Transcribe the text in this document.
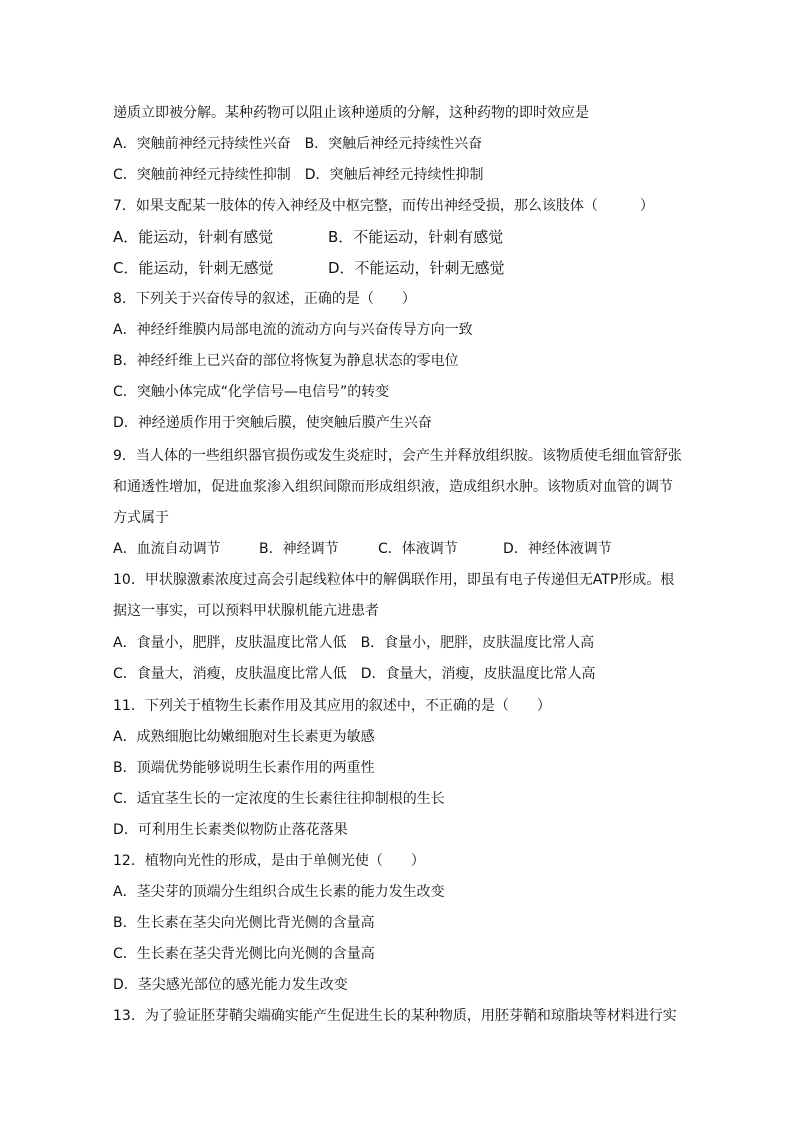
递质立即被分解。某种药物可以阻止该种递质的分解，这种药物的即时效应是
A．突触前神经元持续性兴奋　B．突触后神经元持续性兴奋
C．突触前神经元持续性抑制　D．突触后神经元持续性抑制
7．如果支配某一肢体的传入神经及中枢完整，而传出神经受损，那么该肢体（　　　）
A．能运动，针刺有感觉	B．不能运动，针刺有感觉
C．能运动，针刺无感觉	D．不能运动，针刺无感觉
8．下列关于兴奋传导的叙述，正确的是（　　）
A．神经纤维膜内局部电流的流动方向与兴奋传导方向一致
B．神经纤维上已兴奋的部位将恢复为静息状态的零电位
C．突触小体完成“化学信号—电信号”的转变
D．神经递质作用于突触后膜，使突触后膜产生兴奋
9．当人体的一些组织器官损伤或发生炎症时，会产生并释放组织胺。该物质使毛细血管舒张
和通透性增加，促进血浆渗入组织间隙而形成组织液，造成组织水肿。该物质对血管的调节
方式属于
A．血流自动调节	B．神经调节	C．体液调节	D．神经体液调节
10．甲状腺激素浓度过高会引起线粒体中的解偶联作用，即虽有电子传递但无ATP形成。根
据这一事实，可以预料甲状腺机能亢进患者
A．食量小，肥胖，皮肤温度比常人低　B．食量小，肥胖，皮肤温度比常人高
C．食量大，消瘦，皮肤温度比常人低　D．食量大，消瘦，皮肤温度比常人高
11．下列关于植物生长素作用及其应用的叙述中，不正确的是（　　）
A．成熟细胞比幼嫩细胞对生长素更为敏感
B．顶端优势能够说明生长素作用的两重性
C．适宜茎生长的一定浓度的生长素往往抑制根的生长
D．可利用生长素类似物防止落花落果
12．植物向光性的形成，是由于单侧光使（　　）
A．茎尖芽的顶端分生组织合成生长素的能力发生改变
B．生长素在茎尖向光侧比背光侧的含量高
C．生长素在茎尖背光侧比向光侧的含量高
D．茎尖感光部位的感光能力发生改变
13．为了验证胚芽鞘尖端确实能产生促进生长的某种物质，用胚芽鞘和琼脂块等材料进行实
